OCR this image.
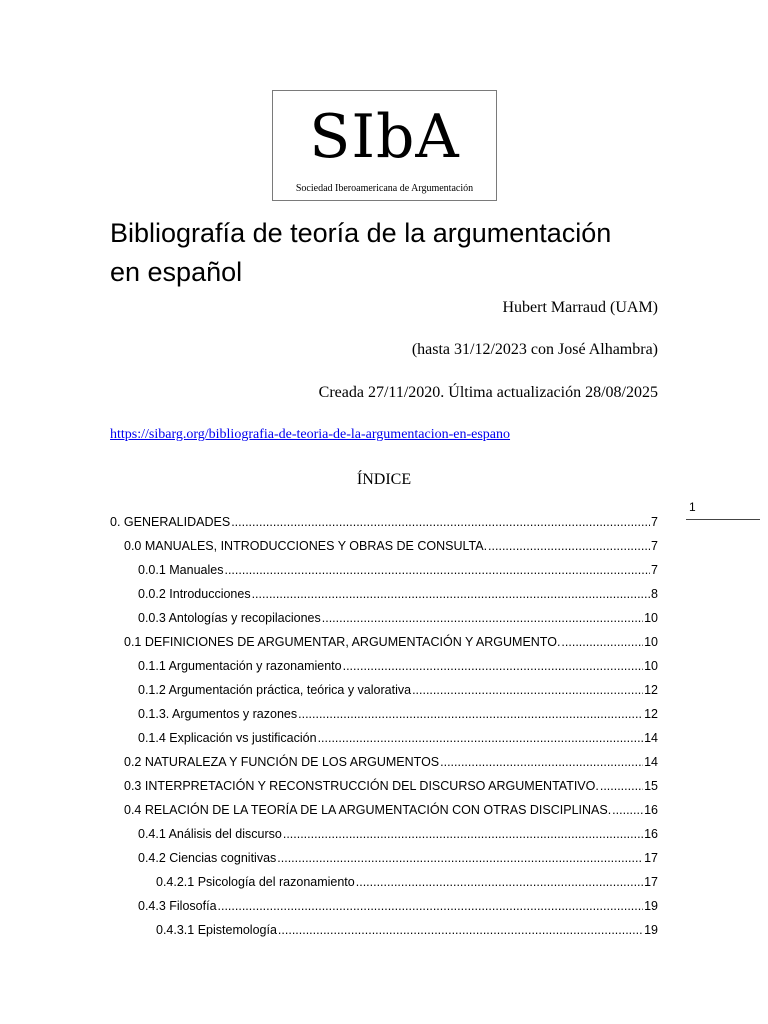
SIbA
Sociedad Iberoamericana de Argumentación
Bibliografía de teoría de la argumentación
en español
Hubert Marraud (UAM)
(hasta 31/12/2023 con José Alhambra)
Creada 27/11/2020. Última actualización 28/08/2025
https://sibarg.org/bibliografia-de-teoria-de-la-argumentacion-en-espano
ÍNDICE
1
0. GENERALIDADES .....	7
0.0 MANUALES, INTRODUCCIONES Y OBRAS DE CONSULTA. .....	7
0.0.1 Manuales .....	7
0.0.2 Introducciones .....	8
0.0.3 Antologías y recopilaciones .....	10
0.1 DEFINICIONES DE ARGUMENTAR, ARGUMENTACIÓN Y ARGUMENTO. .....	10
0.1.1 Argumentación y razonamiento .....	10
0.1.2 Argumentación práctica, teórica y valorativa .....	12
0.1.3. Argumentos y razones .....	12
0.1.4 Explicación vs justificación .....	14
0.2 NATURALEZA Y FUNCIÓN DE LOS ARGUMENTOS .....	14
0.3 INTERPRETACIÓN Y RECONSTRUCCIÓN DEL DISCURSO ARGUMENTATIVO. .....	15
0.4 RELACIÓN DE LA TEORÍA DE LA ARGUMENTACIÓN CON OTRAS DISCIPLINAS. .....	16
0.4.1 Análisis del discurso .....	16
0.4.2 Ciencias cognitivas .....	17
0.4.2.1 Psicología del razonamiento .....	17
0.4.3 Filosofía .....	19
0.4.3.1 Epistemología .....	19
